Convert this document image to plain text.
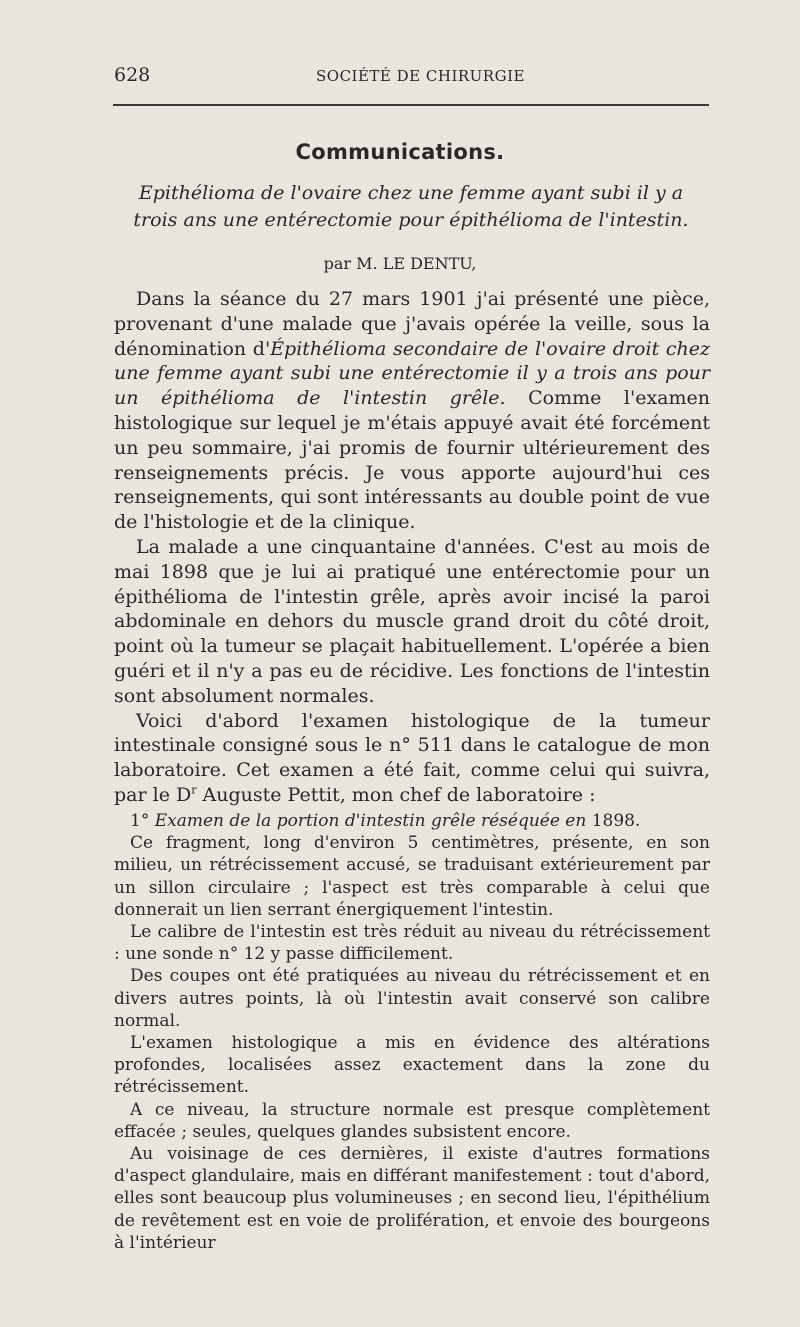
628	SOCIÉTÉ DE CHIRURGIE
Communications.
Epithélioma de l'ovaire chez une femme ayant subi il y a
trois ans une entérectomie pour épithélioma de l'intestin.
par M. LE DENTU,

Dans la séance du 27 mars 1901 j'ai présenté une pièce, provenant d'une malade que j'avais opérée la veille, sous la dénomination d'Épithélioma secondaire de l'ovaire droit chez une femme ayant subi une entérectomie il y a trois ans pour un épithélioma de l'intestin grêle. Comme l'examen histologique sur lequel je m'étais appuyé avait été forcément un peu sommaire, j'ai promis de fournir ultérieurement des renseignements précis. Je vous apporte aujourd'hui ces renseignements, qui sont intéressants au double point de vue de l'histologie et de la clinique.

La malade a une cinquantaine d'années. C'est au mois de mai 1898 que je lui ai pratiqué une entérectomie pour un épithélioma de l'intestin grêle, après avoir incisé la paroi abdominale en dehors du muscle grand droit du côté droit, point où la tumeur se plaçait habituellement. L'opérée a bien guéri et il n'y a pas eu de récidive. Les fonctions de l'intestin sont absolument normales.

Voici d'abord l'examen histologique de la tumeur intestinale consigné sous le n° 511 dans le catalogue de mon laboratoire. Cet examen a été fait, comme celui qui suivra, par le $D^r$ Auguste Pettit, mon chef de laboratoire :

1° Examen de la portion d'intestin grêle réséquée en 1898.

Ce fragment, long d'environ 5 centimètres, présente, en son milieu, un rétrécissement accusé, se traduisant extérieurement par un sillon circulaire ; l'aspect est très comparable à celui que donnerait un lien serrant énergiquement l'intestin.

Le calibre de l'intestin est très réduit au niveau du rétrécissement : une sonde n° 12 y passe difficilement.

Des coupes ont été pratiquées au niveau du rétrécissement et en divers autres points, là où l'intestin avait conservé son calibre normal.

L'examen histologique a mis en évidence des altérations profondes, localisées assez exactement dans la zone du rétrécissement.

A ce niveau, la structure normale est presque complètement effacée ; seules, quelques glandes subsistent encore.

Au voisinage de ces dernières, il existe d'autres formations d'aspect glandulaire, mais en différant manifestement : tout d'abord, elles sont beaucoup plus volumineuses ; en second lieu, l'épithélium de revêtement est en voie de prolifération, et envoie des bourgeons à l'intérieur
